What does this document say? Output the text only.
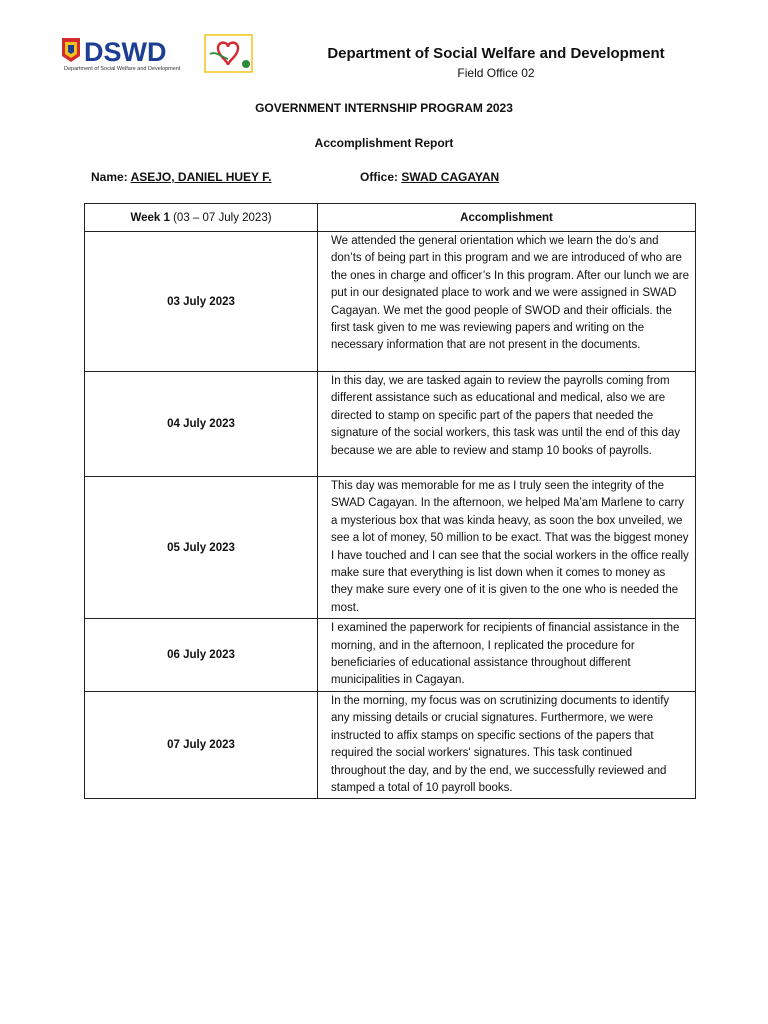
DSWD
Department of Social Welfare and Development
Department of Social Welfare and Development
Field Office 02
GOVERNMENT INTERNSHIP PROGRAM 2023
Accomplishment Report
Name: ASEJO, DANIEL HUEY F.	Office: SWAD CAGAYAN
Week 1 (03 – 07 July 2023)	Accomplishment
03 July 2023	We attended the general orientation which we learn the do’s and don’ts of being part in this program and we are introduced of who are the ones in charge and officer’s In this program. After our lunch we are put in our designated place to work and we were assigned in SWAD Cagayan. We met the good people of SWOD and their officials. the first task given to me was reviewing papers and writing on the necessary information that are not present in the documents.
04 July 2023	In this day, we are tasked again to review the payrolls coming from different assistance such as educational and medical, also we are directed to stamp on specific part of the papers that needed the signature of the social workers, this task was until the end of this day because we are able to review and stamp 10 books of payrolls.
05 July 2023	This day was memorable for me as I truly seen the integrity of the SWAD Cagayan. In the afternoon, we helped Ma’am Marlene to carry a mysterious box that was kinda heavy, as soon the box unveiled, we see a lot of money, 50 million to be exact. That was the biggest money I have touched and I can see that the social workers in the office really make sure that everything is list down when it comes to money as they make sure every one of it is given to the one who is needed the most.
06 July 2023	I examined the paperwork for recipients of financial assistance in the morning, and in the afternoon, I replicated the procedure for beneficiaries of educational assistance throughout different municipalities in Cagayan.
07 July 2023	In the morning, my focus was on scrutinizing documents to identify any missing details or crucial signatures. Furthermore, we were instructed to affix stamps on specific sections of the papers that required the social workers' signatures. This task continued throughout the day, and by the end, we successfully reviewed and stamped a total of 10 payroll books.
